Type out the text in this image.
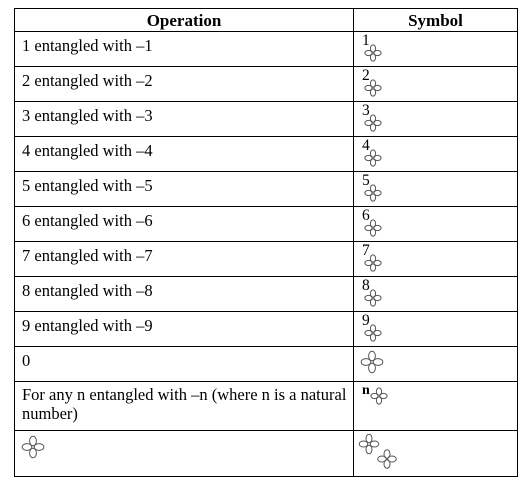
Operation	Symbol
1 entangled with –1	1

2 entangled with –2	2

3 entangled with –3	3

4 entangled with –4	4

5 entangled with –5	5

6 entangled with –6	6

7 entangled with –7	7

8 entangled with –8	8

9 entangled with –9	9

0	

For any n entangled with –n (where n is a natural number)	n
